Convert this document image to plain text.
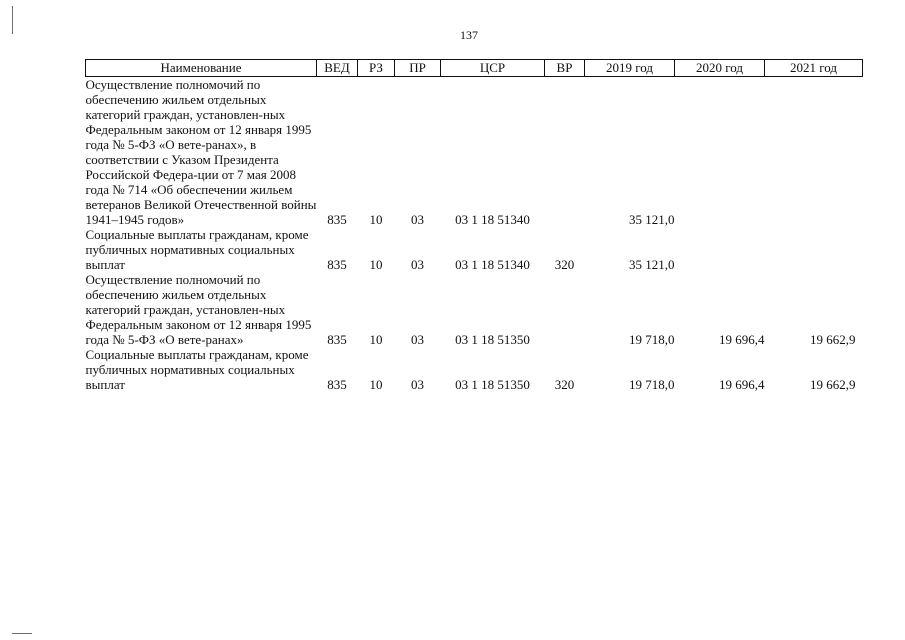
137
Наименование	ВЕД	РЗ	ПР	ЦСР	ВР	2019 год	2020 год	2021 год
Осуществление полномочий по обеспечению жильем отдельных категорий граждан, установлен-ных Федеральным законом от 12 января 1995 года № 5-ФЗ «О вете-ранах», в соответствии с Указом Президента Российской Федера-ции от 7 мая 2008 года № 714 «Об обеспечении жильем ветеранов Великой Отечественной войны 1941–1945 годов»	835	10	03	03 1 18 51340		35 121,0		
Социальные выплаты гражданам, кроме публичных нормативных социальных выплат	835	10	03	03 1 18 51340	320	35 121,0		
Осуществление полномочий по обеспечению жильем отдельных категорий граждан, установлен-ных Федеральным законом от 12 января 1995 года № 5-ФЗ «О вете-ранах»	835	10	03	03 1 18 51350		19 718,0	19 696,4	19 662,9
Социальные выплаты гражданам, кроме публичных нормативных социальных выплат	835	10	03	03 1 18 51350	320	19 718,0	19 696,4	19 662,9
